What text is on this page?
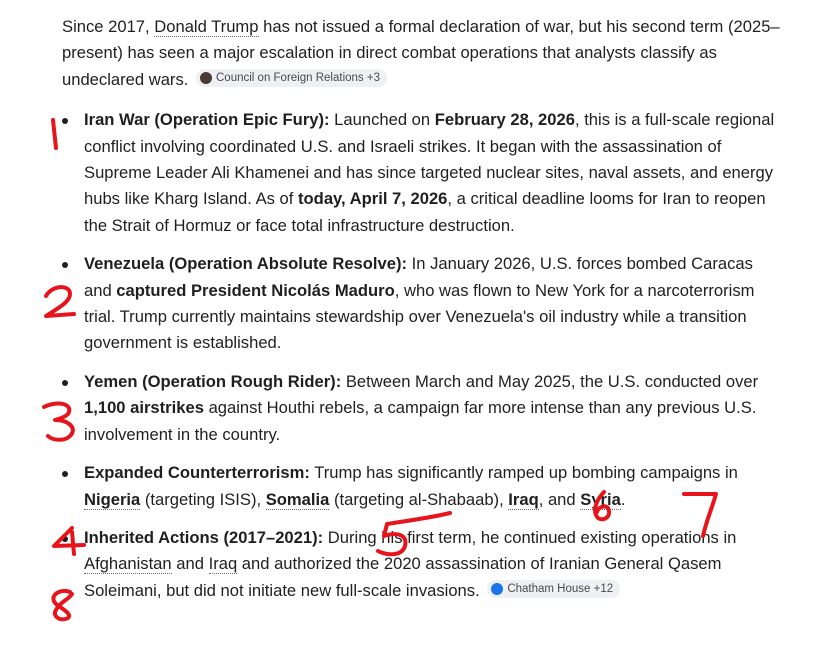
Since 2017, Donald Trump has not issued a formal declaration of war, but his second term (2025–present) has seen a major escalation in direct combat operations that analysts classify as undeclared wars. Council on Foreign Relations +3

Iran War (Operation Epic Fury): Launched on February 28, 2026, this is a full-scale regional conflict involving coordinated U.S. and Israeli strikes. It began with the assassination of Supreme Leader Ali Khamenei and has since targeted nuclear sites, naval assets, and energy hubs like Kharg Island. As of today, April 7, 2026, a critical deadline looms for Iran to reopen the Strait of Hormuz or face total infrastructure destruction.
Venezuela (Operation Absolute Resolve): In January 2026, U.S. forces bombed Caracas and captured President Nicolás Maduro, who was flown to New York for a narcoterrorism trial. Trump currently maintains stewardship over Venezuela's oil industry while a transition government is established.
Yemen (Operation Rough Rider): Between March and May 2025, the U.S. conducted over 1,100 airstrikes against Houthi rebels, a campaign far more intense than any previous U.S. involvement in the country.
Expanded Counterterrorism: Trump has significantly ramped up bombing campaigns in Nigeria (targeting ISIS), Somalia (targeting al-Shabaab), Iraq, and Syria.
Inherited Actions (2017–2021): During his first term, he continued existing operations in Afghanistan and Iraq and authorized the 2020 assassination of Iranian General Qasem Soleimani, but did not initiate new full-scale invasions. Chatham House +12
12345678
